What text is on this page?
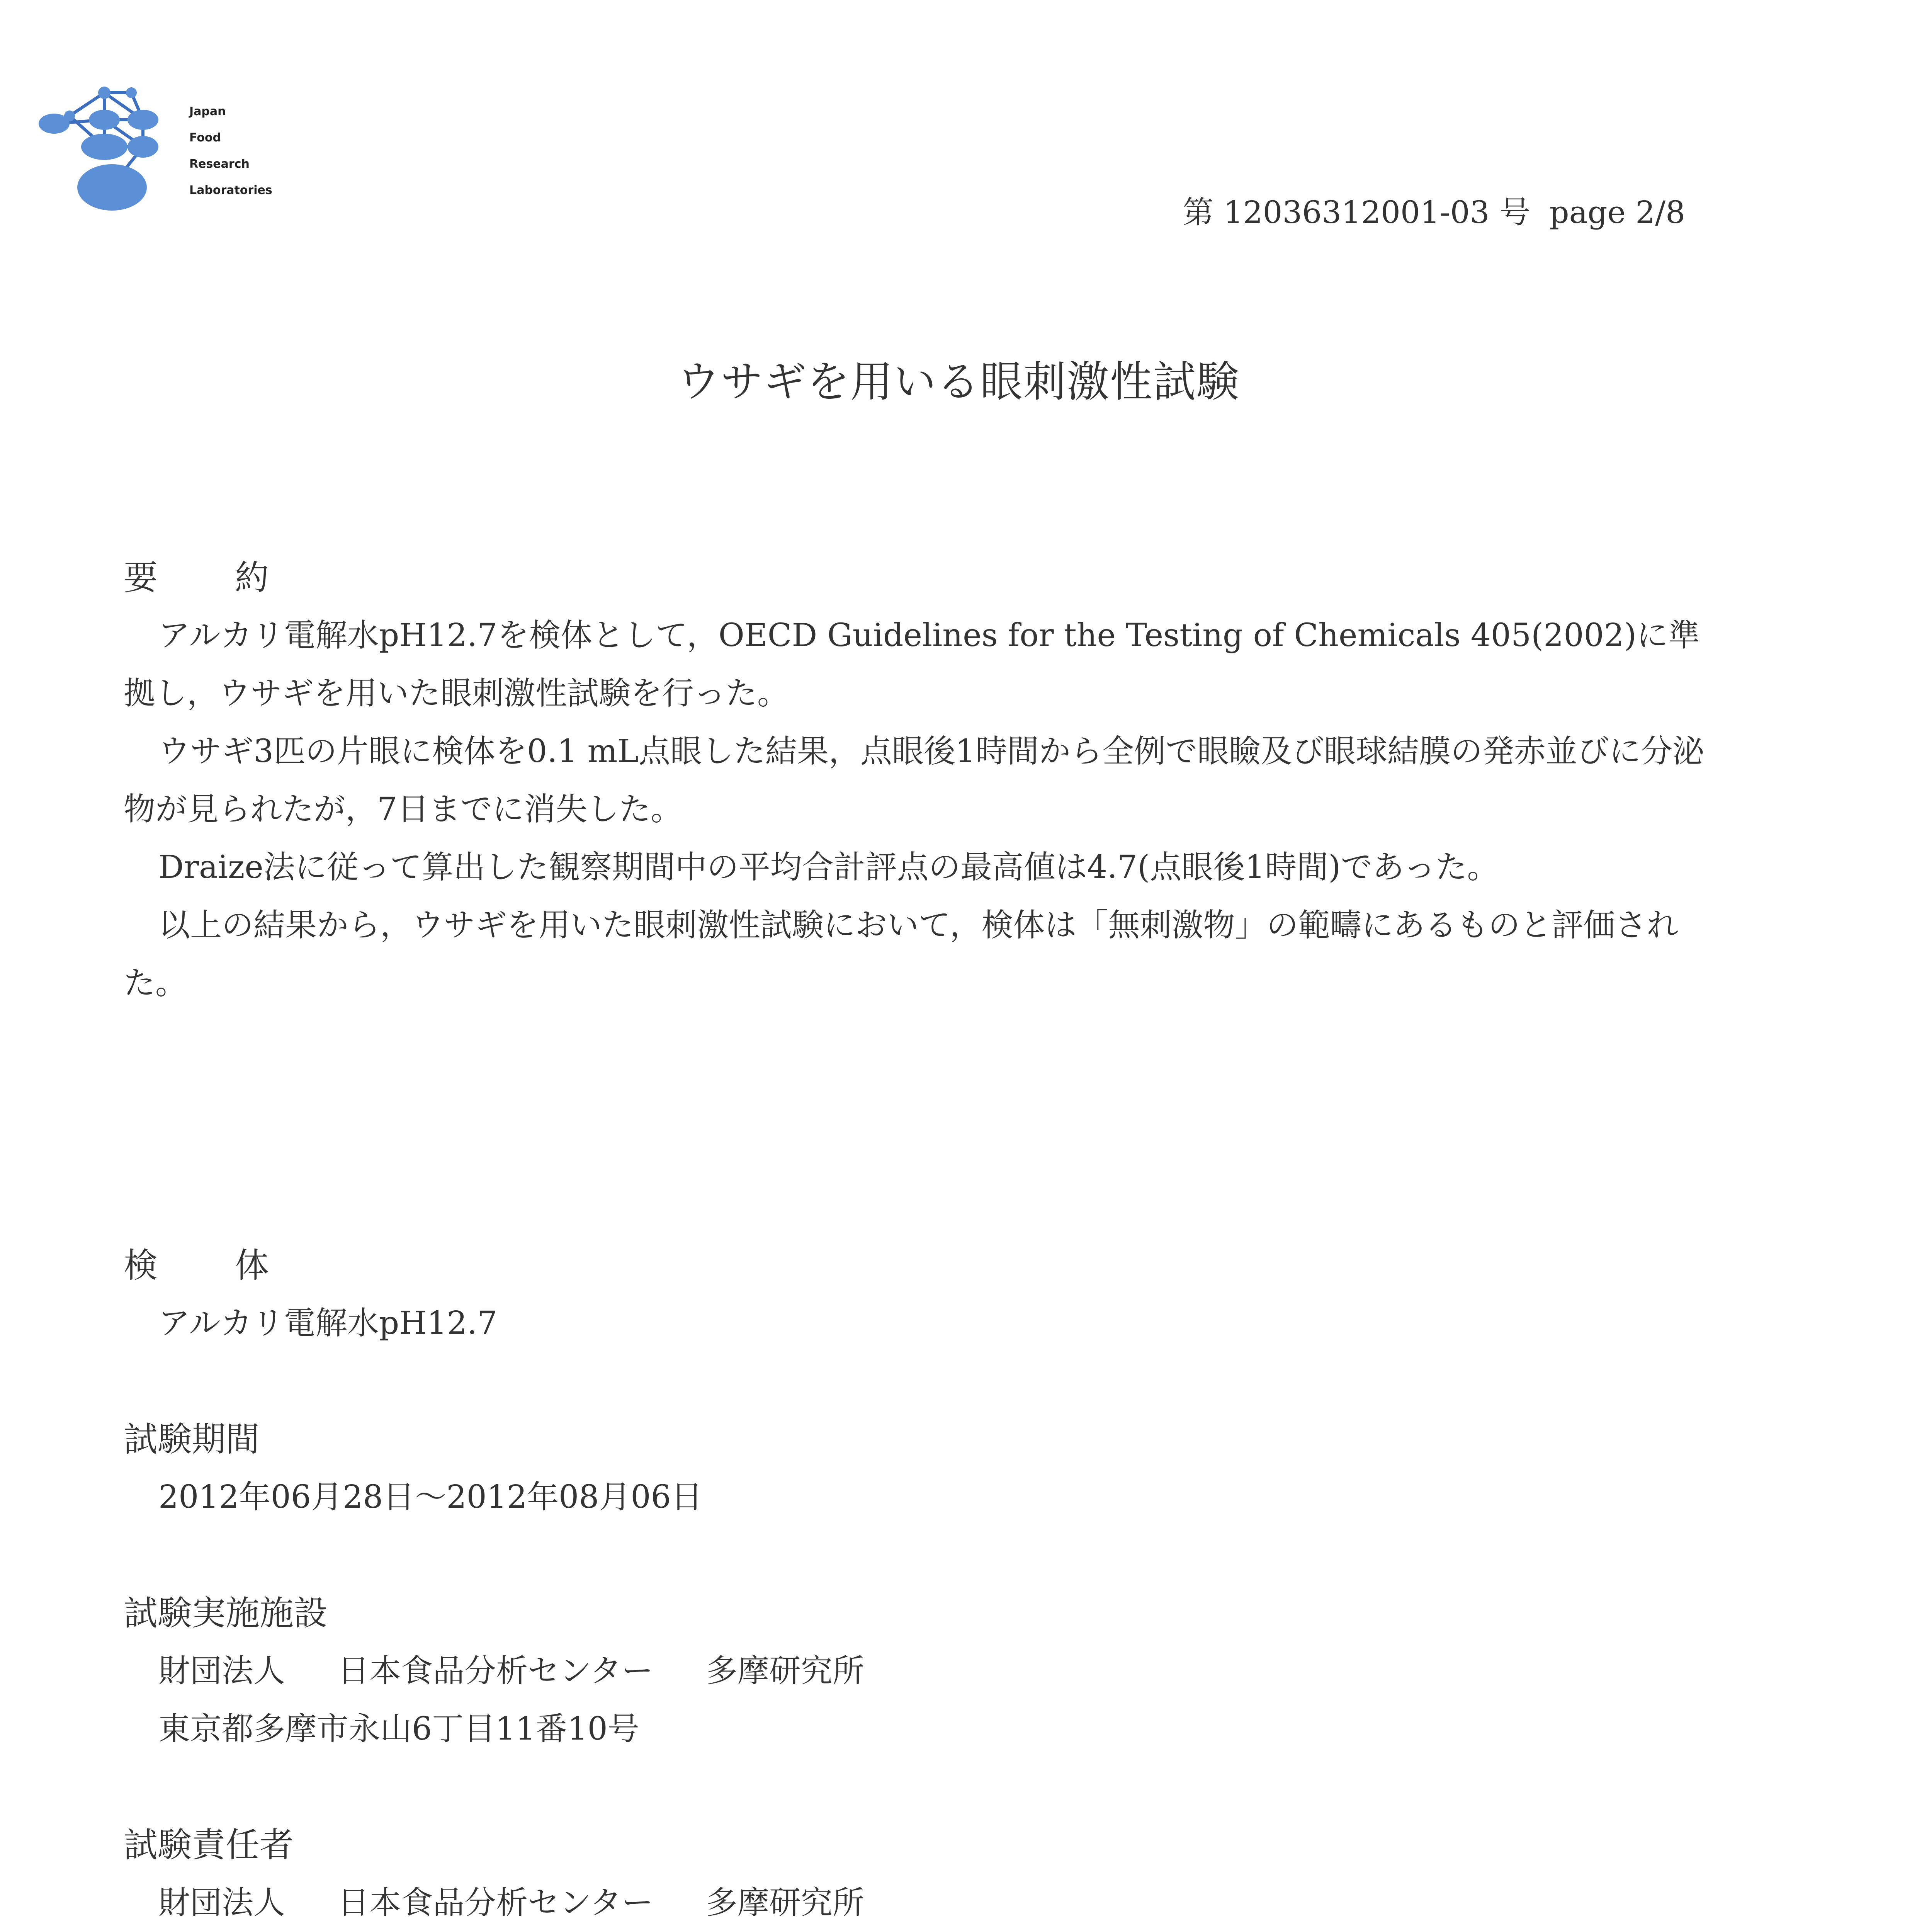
Japan
Food
Research
Laboratories
第 12036312001-03 号 page 2/8
ウサギを用いる眼刺激性試験
要約

アルカリ電解水pH12.7を検体として，OECD Guidelines for the Testing of Chemicals 405(2002)に準拠し，ウサギを用いた眼刺激性試験を行った。

ウサギ3匹の片眼に検体を0.1 mL点眼した結果，点眼後1時間から全例で眼瞼及び眼球結膜の発赤並びに分泌物が見られたが，7日までに消失した。

Draize法に従って算出した観察期間中の平均合計評点の最高値は4.7(点眼後1時間)であった。

以上の結果から，ウサギを用いた眼刺激性試験において，検体は「無刺激物」の範疇にあるものと評価された。

検体
アルカリ電解水pH12.7
試験期間
2012年06月28日～2012年08月06日
試験実施施設
財団法人 日本食品分析センター 多摩研究所
東京都多摩市永山6丁目11番10号
試験責任者
財団法人 日本食品分析センター 多摩研究所
